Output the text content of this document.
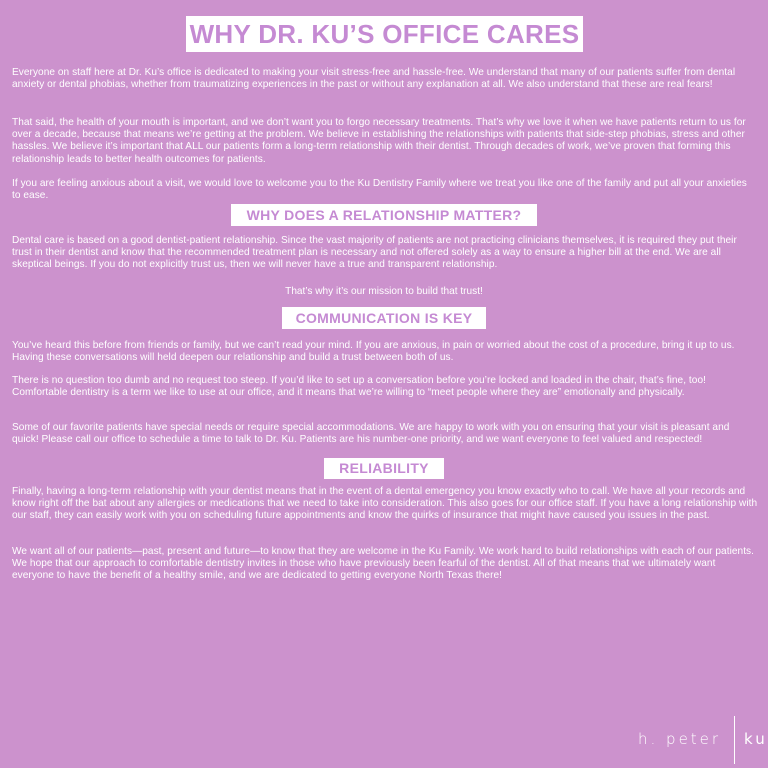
WHY DR. KU’S OFFICE CARES

Everyone on staff here at Dr. Ku’s office is dedicated to making your visit stress-free and hassle-free. We understand that many of our patients suffer from dental anxiety or dental phobias, whether from traumatizing experiences in the past or without any explanation at all. We also understand that these are real fears!

That said, the health of your mouth is important, and we don’t want you to forgo necessary treatments. That’s why we love it when we have patients return to us for over a decade, because that means we’re getting at the problem. We believe in establishing the relationships with patients that side-step phobias, stress and other hassles. We believe it’s important that ALL our patients form a long-term relationship with their dentist. Through decades of work, we’ve proven that forming this relationship leads to better health outcomes for patients.

If you are feeling anxious about a visit, we would love to welcome you to the Ku Dentistry Family where we treat you like one of the family and put all your anxieties to ease.

WHY DOES A RELATIONSHIP MATTER?

Dental care is based on a good dentist-patient relationship. Since the vast majority of patients are not practicing clinicians themselves, it is required they put their trust in their dentist and know that the recommended treatment plan is necessary and not offered solely as a way to ensure a higher bill at the end. We are all skeptical beings. If you do not explicitly trust us, then we will never have a true and transparent relationship.

That’s why it’s our mission to build that trust!
COMMUNICATION IS KEY

You’ve heard this before from friends or family, but we can’t read your mind. If you are anxious, in pain or worried about the cost of a procedure, bring it up to us. Having these conversations will held deepen our relationship and build a trust between both of us.

There is no question too dumb and no request too steep. If you’d like to set up a conversation before you’re locked and loaded in the chair, that’s fine, too! Comfortable dentistry is a term we like to use at our office, and it means that we’re willing to “meet people where they are” emotionally and physically.

Some of our favorite patients have special needs or require special accommodations. We are happy to work with you on ensuring that your visit is pleasant and quick! Please call our office to schedule a time to talk to Dr. Ku. Patients are his number-one priority, and we want everyone to feel valued and respected!

RELIABILITY

Finally, having a long-term relationship with your dentist means that in the event of a dental emergency you know exactly who to call. We have all your records and know right off the bat about any allergies or medications that we need to take into consideration. This also goes for our office staff. If you have a long relationship with our staff, they can easily work with you on scheduling future appointments and know the quirks of insurance that might have caused you issues in the past.

We want all of our patients—past, present and future—to know that they are welcome in the Ku Family. We work hard to build relationships with each of our patients. We hope that our approach to comfortable dentistry invites in those who have previously been fearful of the dentist. All of that means that we ultimately want everyone to have the benefit of a healthy smile, and we are dedicated to getting everyone North Texas there!

h. peter ku
